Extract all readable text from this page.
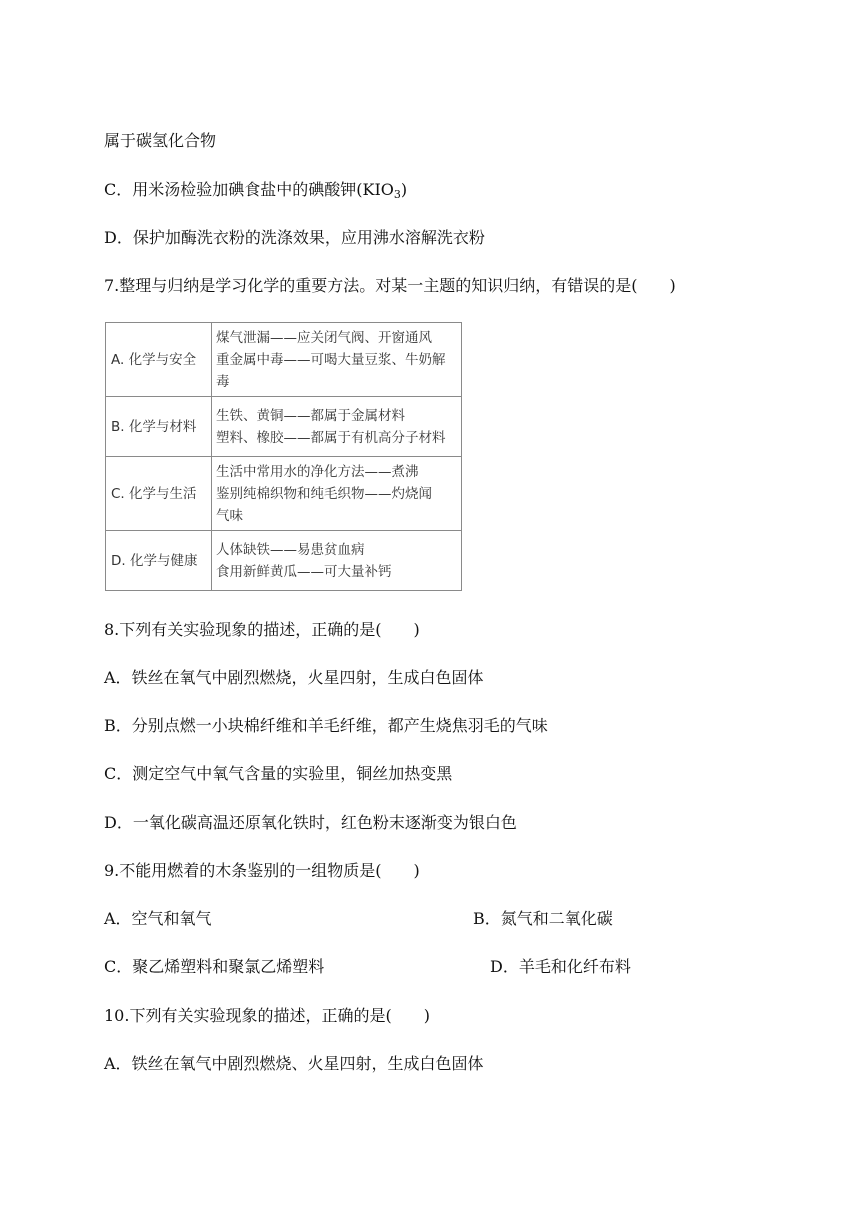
属于碳氢化合物
C．用米汤检验加碘食盐中的碘酸钾$(KIO_3)$
D．保护加酶洗衣粉的洗涤效果，应用沸水溶解洗衣粉
7.整理与归纳是学习化学的重要方法。对某一主题的知识归纳，有错误的是(　　)
A. 化学与安全	煤气泄漏——应关闭气阀、开窗通风
重金属中毒——可喝大量豆浆、牛奶解
毒

B. 化学与材料	生铁、黄铜——都属于金属材料
塑料、橡胶——都属于有机高分子材料

C. 化学与生活	生活中常用水的净化方法——煮沸
鉴别纯棉织物和纯毛织物——灼烧闻
气味

D. 化学与健康	人体缺铁——易患贫血病
食用新鲜黄瓜——可大量补钙
8.下列有关实验现象的描述，正确的是(　　)
A．铁丝在氧气中剧烈燃烧，火星四射，生成白色固体
B．分别点燃一小块棉纤维和羊毛纤维，都产生烧焦羽毛的气味
C．测定空气中氧气含量的实验里，铜丝加热变黑
D．一氧化碳高温还原氧化铁时，红色粉末逐渐变为银白色
9.不能用燃着的木条鉴别的一组物质是(　　)
A．空气和氧气	B．氮气和二氧化碳
C．聚乙烯塑料和聚氯乙烯塑料	D．羊毛和化纤布料
10.下列有关实验现象的描述，正确的是(　　)
A．铁丝在氧气中剧烈燃烧、火星四射，生成白色固体
